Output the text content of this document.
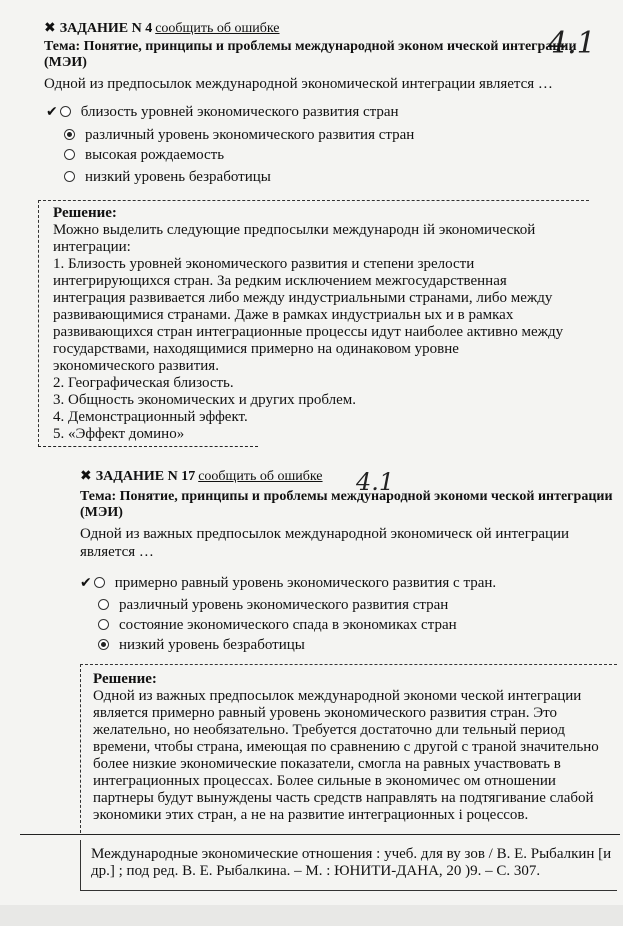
✖ ЗАДАНИЕ N 4 сообщить об ошибке	4.1
Тема: Понятие, принципы и проблемы международной эконом ической интеграции
(МЭИ)
Одной из предпосылок международной экономической интеграции является …
✔ близость уровней экономического развития стран
различный уровень экономического развития стран
высокая рождаемость
низкий уровень безработицы
Решение:
Можно выделить следующие предпосылки международн ій экономической
интеграции:
1. Близость уровней экономического развития и степени зрелости
интегрирующихся стран. За редким исключением межгосударственная
интеграция развивается либо между индустриальными странами, либо между
развивающимися странами. Даже в рамках индустриальн ых и в рамках
развивающихся стран интеграционные процессы идут наиболее активно между
государствами, находящимися примерно на одинаковом уровне
экономического развития.
2. Географическая близость.
3. Общность экономических и других проблем.
4. Демонстрационный эффект.
5. «Эффект домино»
✖ ЗАДАНИЕ N 17 сообщить об ошибке 4.1
Тема: Понятие, принципы и проблемы международной экономи ческой интеграции
(МЭИ)
Одной из важных предпосылок международной экономическ ой интеграции
является …
✔ примерно равный уровень экономического развития с тран.
различный уровень экономического развития стран
состояние экономического спада в экономиках стран
низкий уровень безработицы
Решение:
Одной из важных предпосылок международной экономи ческой интеграции
является примерно равный уровень экономического развития стран. Это
желательно, но необязательно. Требуется достаточно дли тельный период
времени, чтобы страна, имеющая по сравнению с другой с траной значительно
более низкие экономические показатели, смогла на равных участвовать в
интеграционных процессах. Более сильные в экономичес ом отношении
партнеры будут вынуждены часть средств направлять на подтягивание слабой
экономики этих стран, а не на развитие интеграционных і роцессов.
Международные экономические отношения : учеб. для ву зов / В. Е. Рыбалкин [и
др.] ; под ред. В. Е. Рыбалкина. – М. : ЮНИТИ-ДАНА, 20 )9. – С. 307.
